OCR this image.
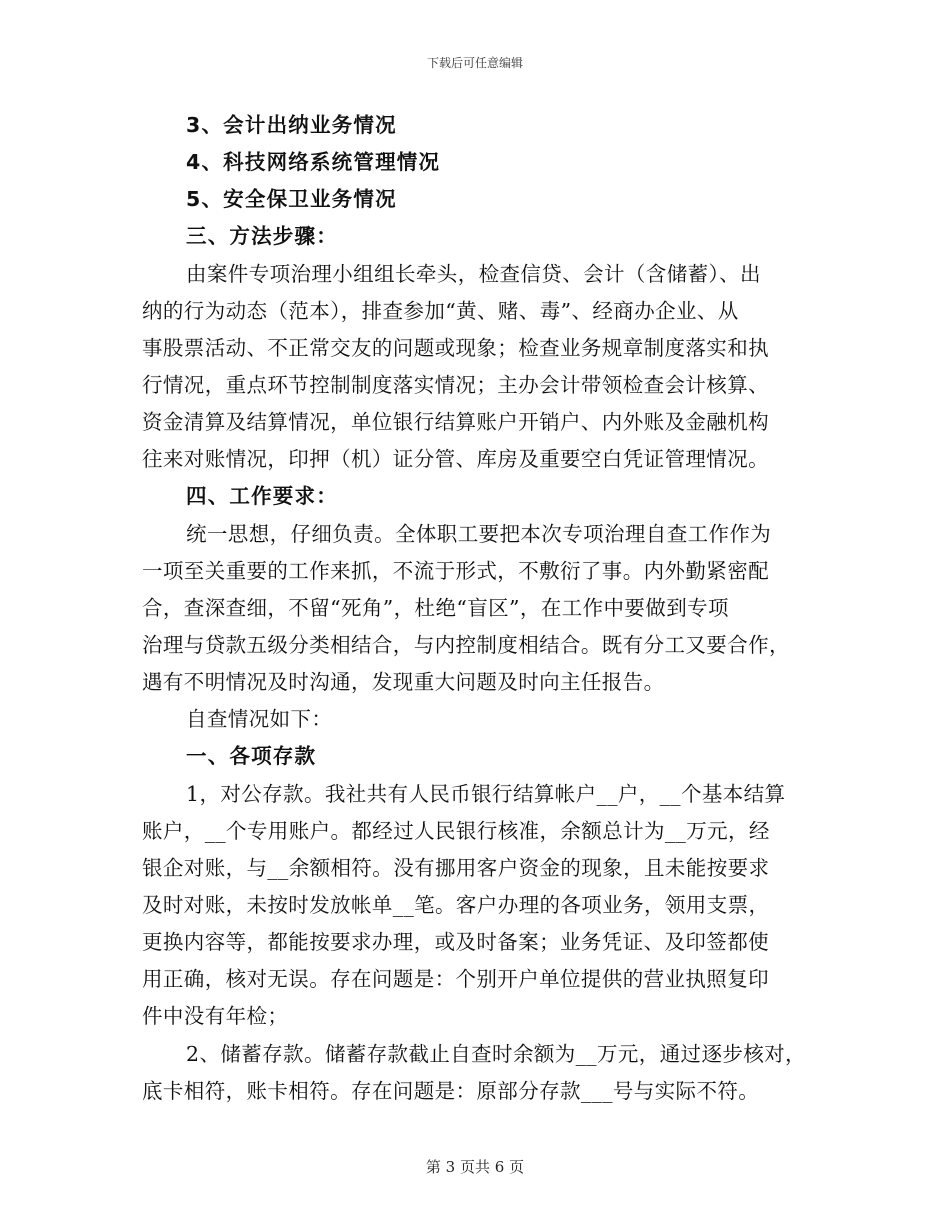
下载后可任意编辑
3、会计出纳业务情况
4、科技网络系统管理情况
5、安全保卫业务情况
三、方法步骤：
由案件专项治理小组组长牵头，检查信贷、会计（含储蓄）、出
纳的行为动态（范本），排查参加“黄、赌、毒”、经商办企业、从
事股票活动、不正常交友的问题或现象；检查业务规章制度落实和执
行情况，重点环节控制制度落实情况；主办会计带领检查会计核算、
资金清算及结算情况，单位银行结算账户开销户、内外账及金融机构
往来对账情况，印押（机）证分管、库房及重要空白凭证管理情况。
四、工作要求：
统一思想，仔细负责。全体职工要把本次专项治理自查工作作为
一项至关重要的工作来抓，不流于形式，不敷衍了事。内外勤紧密配
合，查深查细，不留“死角”，杜绝“盲区”，在工作中要做到专项
治理与贷款五级分类相结合，与内控制度相结合。既有分工又要合作，
遇有不明情况及时沟通，发现重大问题及时向主任报告。
自查情况如下：
一、各项存款
1，对公存款。我社共有人民币银行结算帐户__户，__个基本结算
账户，__个专用账户。都经过人民银行核准，余额总计为__万元，经
银企对账，与__余额相符。没有挪用客户资金的现象，且未能按要求
及时对账，未按时发放帐单__笔。客户办理的各项业务，领用支票，
更换内容等，都能按要求办理，或及时备案；业务凭证、及印签都使
用正确，核对无误。存在问题是：个别开户单位提供的营业执照复印
件中没有年检；
2、储蓄存款。储蓄存款截止自查时余额为__万元，通过逐步核对，
底卡相符，账卡相符。存在问题是：原部分存款___号与实际不符。
第 3 页共 6 页
